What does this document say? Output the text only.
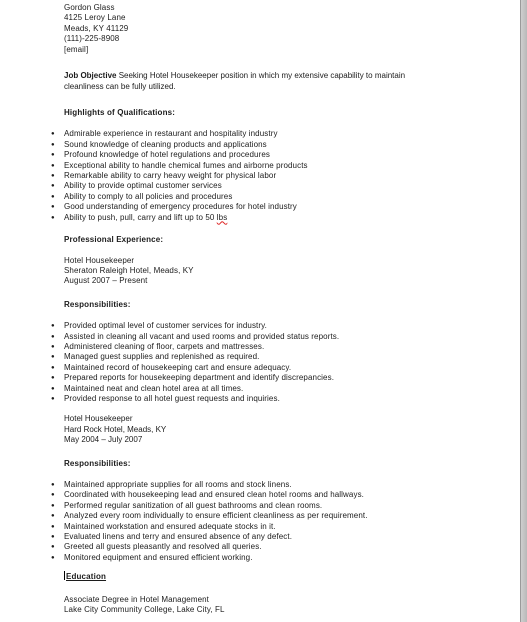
Gordon Glass
4125 Leroy Lane
Meads, KY 41129
(111)-225-8908
[email]
Job Objective Seeking Hotel Housekeeper position in which my extensive capability to maintain cleanliness can be fully utilized.
Highlights of Qualifications:
● Admirable experience in restaurant and hospitality industry
● Sound knowledge of cleaning products and applications
● Profound knowledge of hotel regulations and procedures
● Exceptional ability to handle chemical fumes and airborne products
● Remarkable ability to carry heavy weight for physical labor
● Ability to provide optimal customer services
● Ability to comply to all policies and procedures
● Good understanding of emergency procedures for hotel industry
● Ability to push, pull, carry and lift up to 50 lbs
Professional Experience:
Hotel Housekeeper
Sheraton Raleigh Hotel, Meads, KY
August 2007 – Present
Responsibilities:
● Provided optimal level of customer services for industry.
● Assisted in cleaning all vacant and used rooms and provided status reports.
● Administered cleaning of floor, carpets and mattresses.
● Managed guest supplies and replenished as required.
● Maintained record of housekeeping cart and ensure adequacy.
● Prepared reports for housekeeping department and identify discrepancies.
● Maintained neat and clean hotel area at all times.
● Provided response to all hotel guest requests and inquiries.
Hotel Housekeeper
Hard Rock Hotel, Meads, KY
May 2004 – July 2007
Responsibilities:
● Maintained appropriate supplies for all rooms and stock linens.
● Coordinated with housekeeping lead and ensured clean hotel rooms and hallways.
● Performed regular sanitization of all guest bathrooms and clean rooms.
● Analyzed every room individually to ensure efficient cleanliness as per requirement.
● Maintained workstation and ensured adequate stocks in it.
● Evaluated linens and terry and ensured absence of any defect.
● Greeted all guests pleasantly and resolved all queries.
● Monitored equipment and ensured efficient working.
Education
Associate Degree in Hotel Management
Lake City Community College, Lake City, FL
